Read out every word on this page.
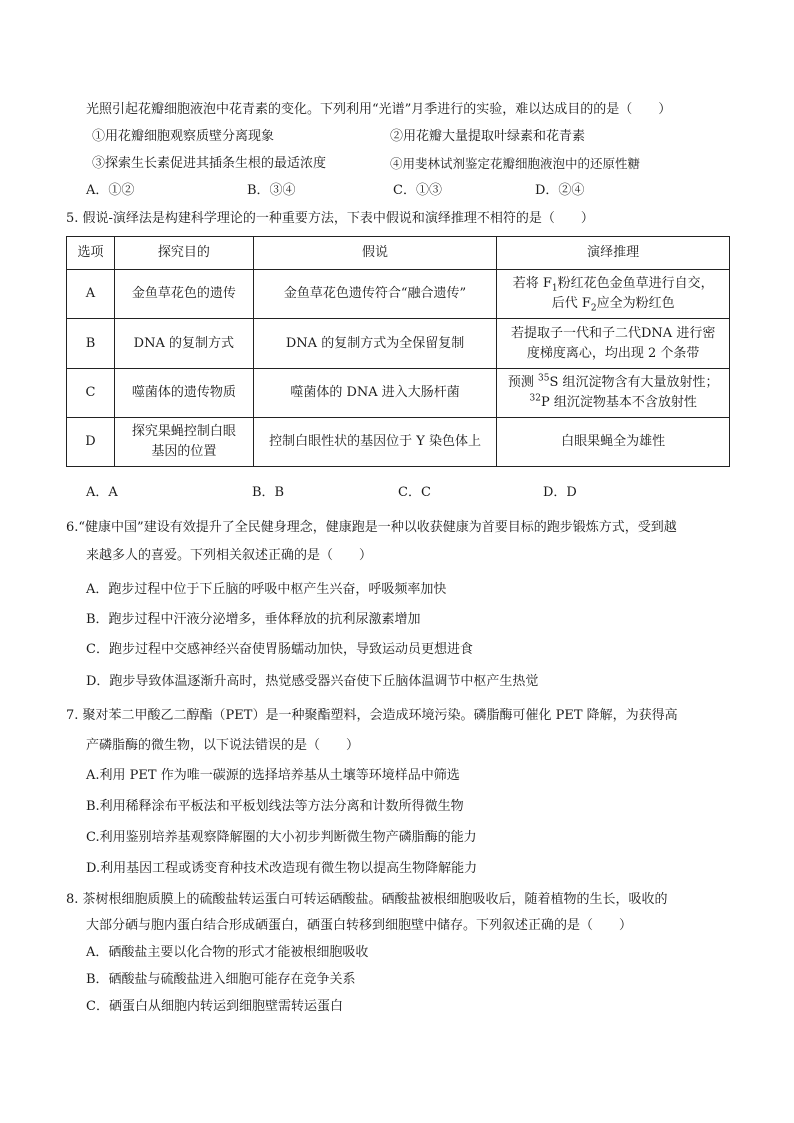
光照引起花瓣细胞液泡中花青素的变化。下列利用“光谱”月季进行的实验，难以达成目的的是（　　）
①用花瓣细胞观察质壁分离现象	②用花瓣大量提取叶绿素和花青素
③探索生长素促进其插条生根的最适浓度	④用斐林试剂鉴定花瓣细胞液泡中的还原性糖
A．①②	B．③④	C．①③	D．②④
5. 假说-演绎法是构建科学理论的一种重要方法，下表中假说和演绎推理不相符的是（　　）
选项	探究目的	假说	演绎推理
A	金鱼草花色的遗传	金鱼草花色遗传符合“融合遗传”	若将 $F_1$粉红花色金鱼草进行自交，
后代 $F_2$应全为粉红色

B	DNA 的复制方式	DNA 的复制方式为全保留复制	若提取子一代和子二代DNA 进行密
度梯度离心，均出现 2 个条带

C	噬菌体的遗传物质	噬菌体的 DNA 进入大肠杆菌	预测 $^{35}$S 组沉淀物含有大量放射性；
$^{32}$P 组沉淀物基本不含放射性

D	探究果蝇控制白眼
基因的位置	控制白眼性状的基因位于 Y 染色体上	白眼果蝇全为雄性
A．A	B．B	C．C	D．D
6.“健康中国”建设有效提升了全民健身理念，健康跑是一种以收获健康为首要目标的跑步锻炼方式，受到越
来越多人的喜爱。下列相关叙述正确的是（　　）
A．跑步过程中位于下丘脑的呼吸中枢产生兴奋，呼吸频率加快
B．跑步过程中汗液分泌增多，垂体释放的抗利尿激素增加
C．跑步过程中交感神经兴奋使胃肠蠕动加快，导致运动员更想进食
D．跑步导致体温逐渐升高时，热觉感受器兴奋使下丘脑体温调节中枢产生热觉
7. 聚对苯二甲酸乙二醇酯（PET）是一种聚酯塑料，会造成环境污染。磷脂酶可催化 PET 降解，为获得高
产磷脂酶的微生物，以下说法错误的是（　　）
A.利用 PET 作为唯一碳源的选择培养基从土壤等环境样品中筛选
B.利用稀释涂布平板法和平板划线法等方法分离和计数所得微生物
C.利用鉴别培养基观察降解圈的大小初步判断微生物产磷脂酶的能力
D.利用基因工程或诱变育种技术改造现有微生物以提高生物降解能力
8. 茶树根细胞质膜上的硫酸盐转运蛋白可转运硒酸盐。硒酸盐被根细胞吸收后，随着植物的生长，吸收的
大部分硒与胞内蛋白结合形成硒蛋白，硒蛋白转移到细胞壁中储存。下列叙述正确的是（　　）
A．硒酸盐主要以化合物的形式才能被根细胞吸收
B．硒酸盐与硫酸盐进入细胞可能存在竞争关系
C．硒蛋白从细胞内转运到细胞壁需转运蛋白
